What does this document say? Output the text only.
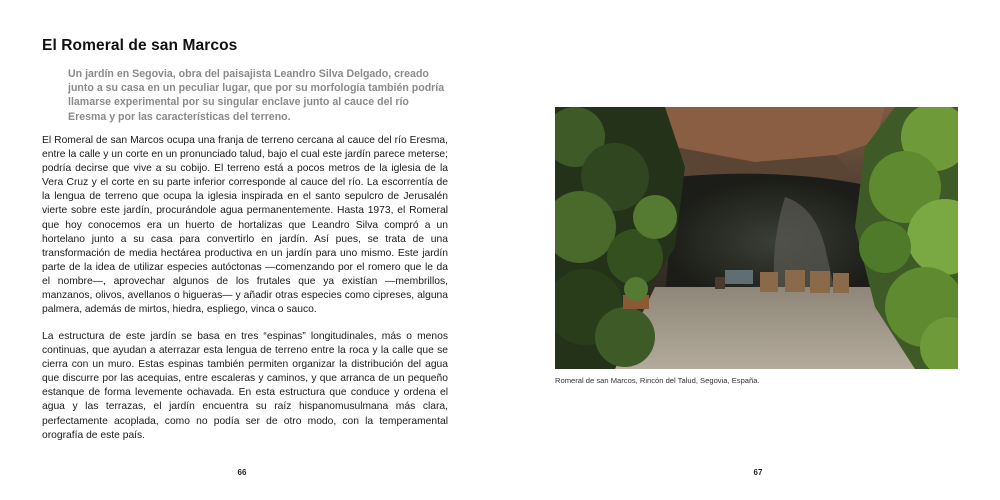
El Romeral de san Marcos

Un jardín en Segovia, obra del paisajista Leandro Silva Delgado, creado junto a su casa en un peculiar lugar, que por su morfología también podría llamarse experimental por su singular enclave junto al cauce del río Eresma y por las características del terreno.

El Romeral de san Marcos ocupa una franja de terreno cercana al cauce del río Eresma, entre la calle y un corte en un pronunciado talud, bajo el cual este jardín parece meterse; podría decirse que vive a su cobijo. El terreno está a pocos metros de la iglesia de la Vera Cruz y el corte en su parte inferior corresponde al cauce del río. La escorrentía de la lengua de terreno que ocupa la iglesia inspirada en el santo sepulcro de Jerusalén vierte sobre este jardín, procurándole agua permanentemente. Hasta 1973, el Romeral que hoy conocemos era un huerto de hortalizas que Leandro Silva compró a un hortelano junto a su casa para convertirlo en jardín. Así pues, se trata de una transformación de media hectárea productiva en un jardín para uno mismo. Este jardín parte de la idea de utilizar especies autóctonas —comenzando por el romero que le da el nombre—, aprovechar algunos de los frutales que ya existían —membrillos, manzanos, olivos, avellanos o higueras— y añadir otras especies como cipreses, alguna palmera, además de mirtos, hiedra, espliego, vinca o sauco.

La estructura de este jardín se basa en tres “espinas” longitudinales, más o menos continuas, que ayudan a aterrazar esta lengua de terreno entre la roca y la calle que se cierra con un muro. Estas espinas también permiten organizar la distribución del agua que discurre por las acequias, entre escaleras y caminos, y que arranca de un pequeño estanque de forma levemente ochavada. En esta estructura que conduce y ordena el agua y las terrazas, el jardín encuentra su raíz hispanomusulmana más clara, perfectamente acoplada, como no podía ser de otro modo, con la temperamental orografía de este país.

66

Romeral de san Marcos, Rincón del Talud, Segovia, España.

67
